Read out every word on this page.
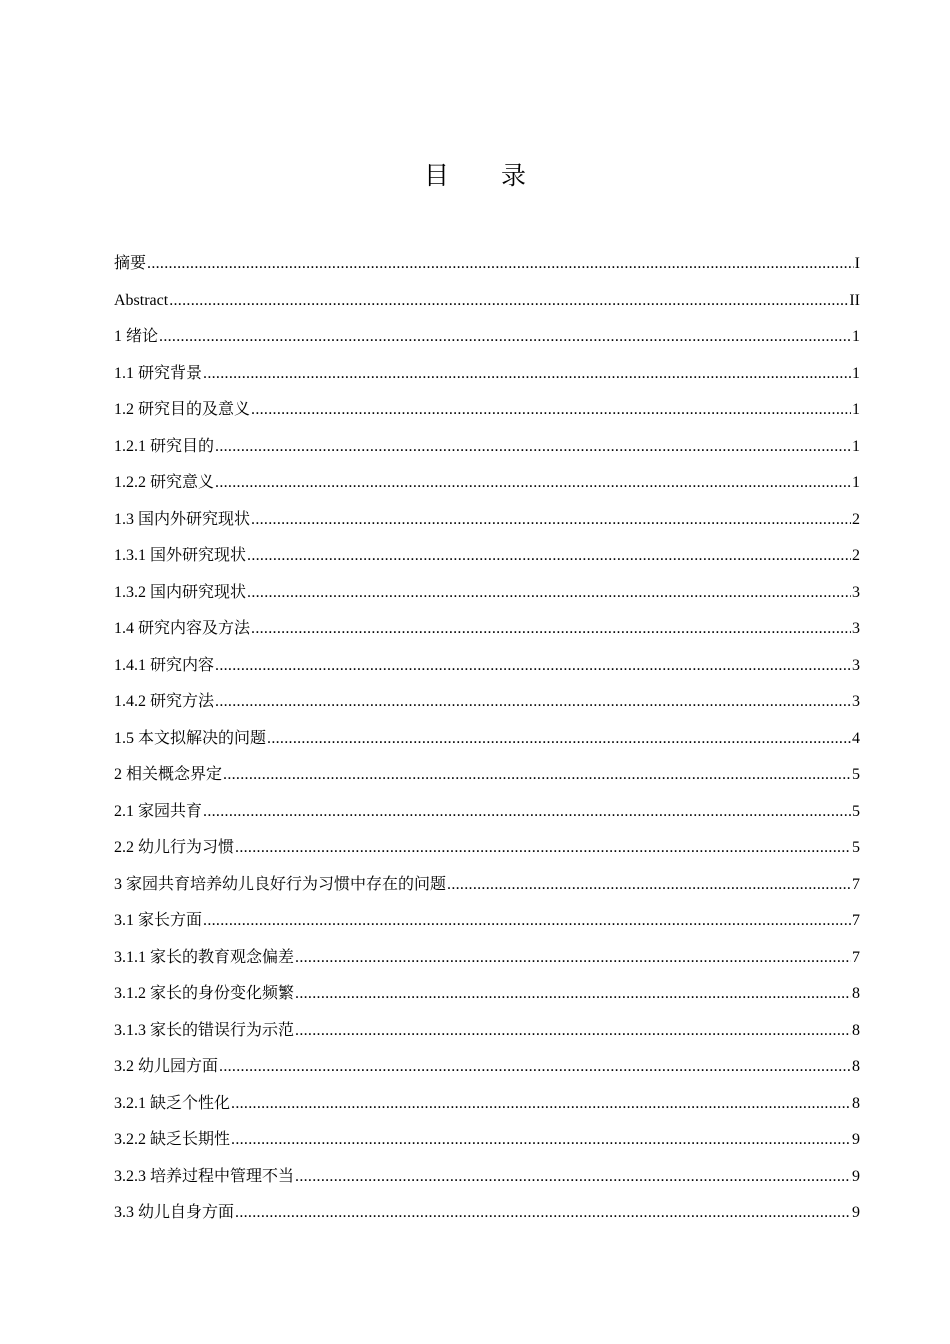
目 录
摘要 .....	I
Abstract .....	II
1 绪论 .....	1
1.1 研究背景 .....	1
1.2 研究目的及意义 .....	1
1.2.1 研究目的 .....	1
1.2.2 研究意义 .....	1
1.3 国内外研究现状 .....	2
1.3.1 国外研究现状 .....	2
1.3.2 国内研究现状 .....	3
1.4 研究内容及方法 .....	3
1.4.1 研究内容 .....	3
1.4.2 研究方法 .....	3
1.5 本文拟解决的问题 .....	4
2 相关概念界定 .....	5
2.1 家园共育 .....	5
2.2 幼儿行为习惯 .....	5
3 家园共育培养幼儿良好行为习惯中存在的问题 .....	7
3.1 家长方面 .....	7
3.1.1 家长的教育观念偏差 .....	7
3.1.2 家长的身份变化频繁 .....	8
3.1.3 家长的错误行为示范 .....	8
3.2 幼儿园方面 .....	8
3.2.1 缺乏个性化 .....	8
3.2.2 缺乏长期性 .....	9
3.2.3 培养过程中管理不当 .....	9
3.3 幼儿自身方面 .....	9
